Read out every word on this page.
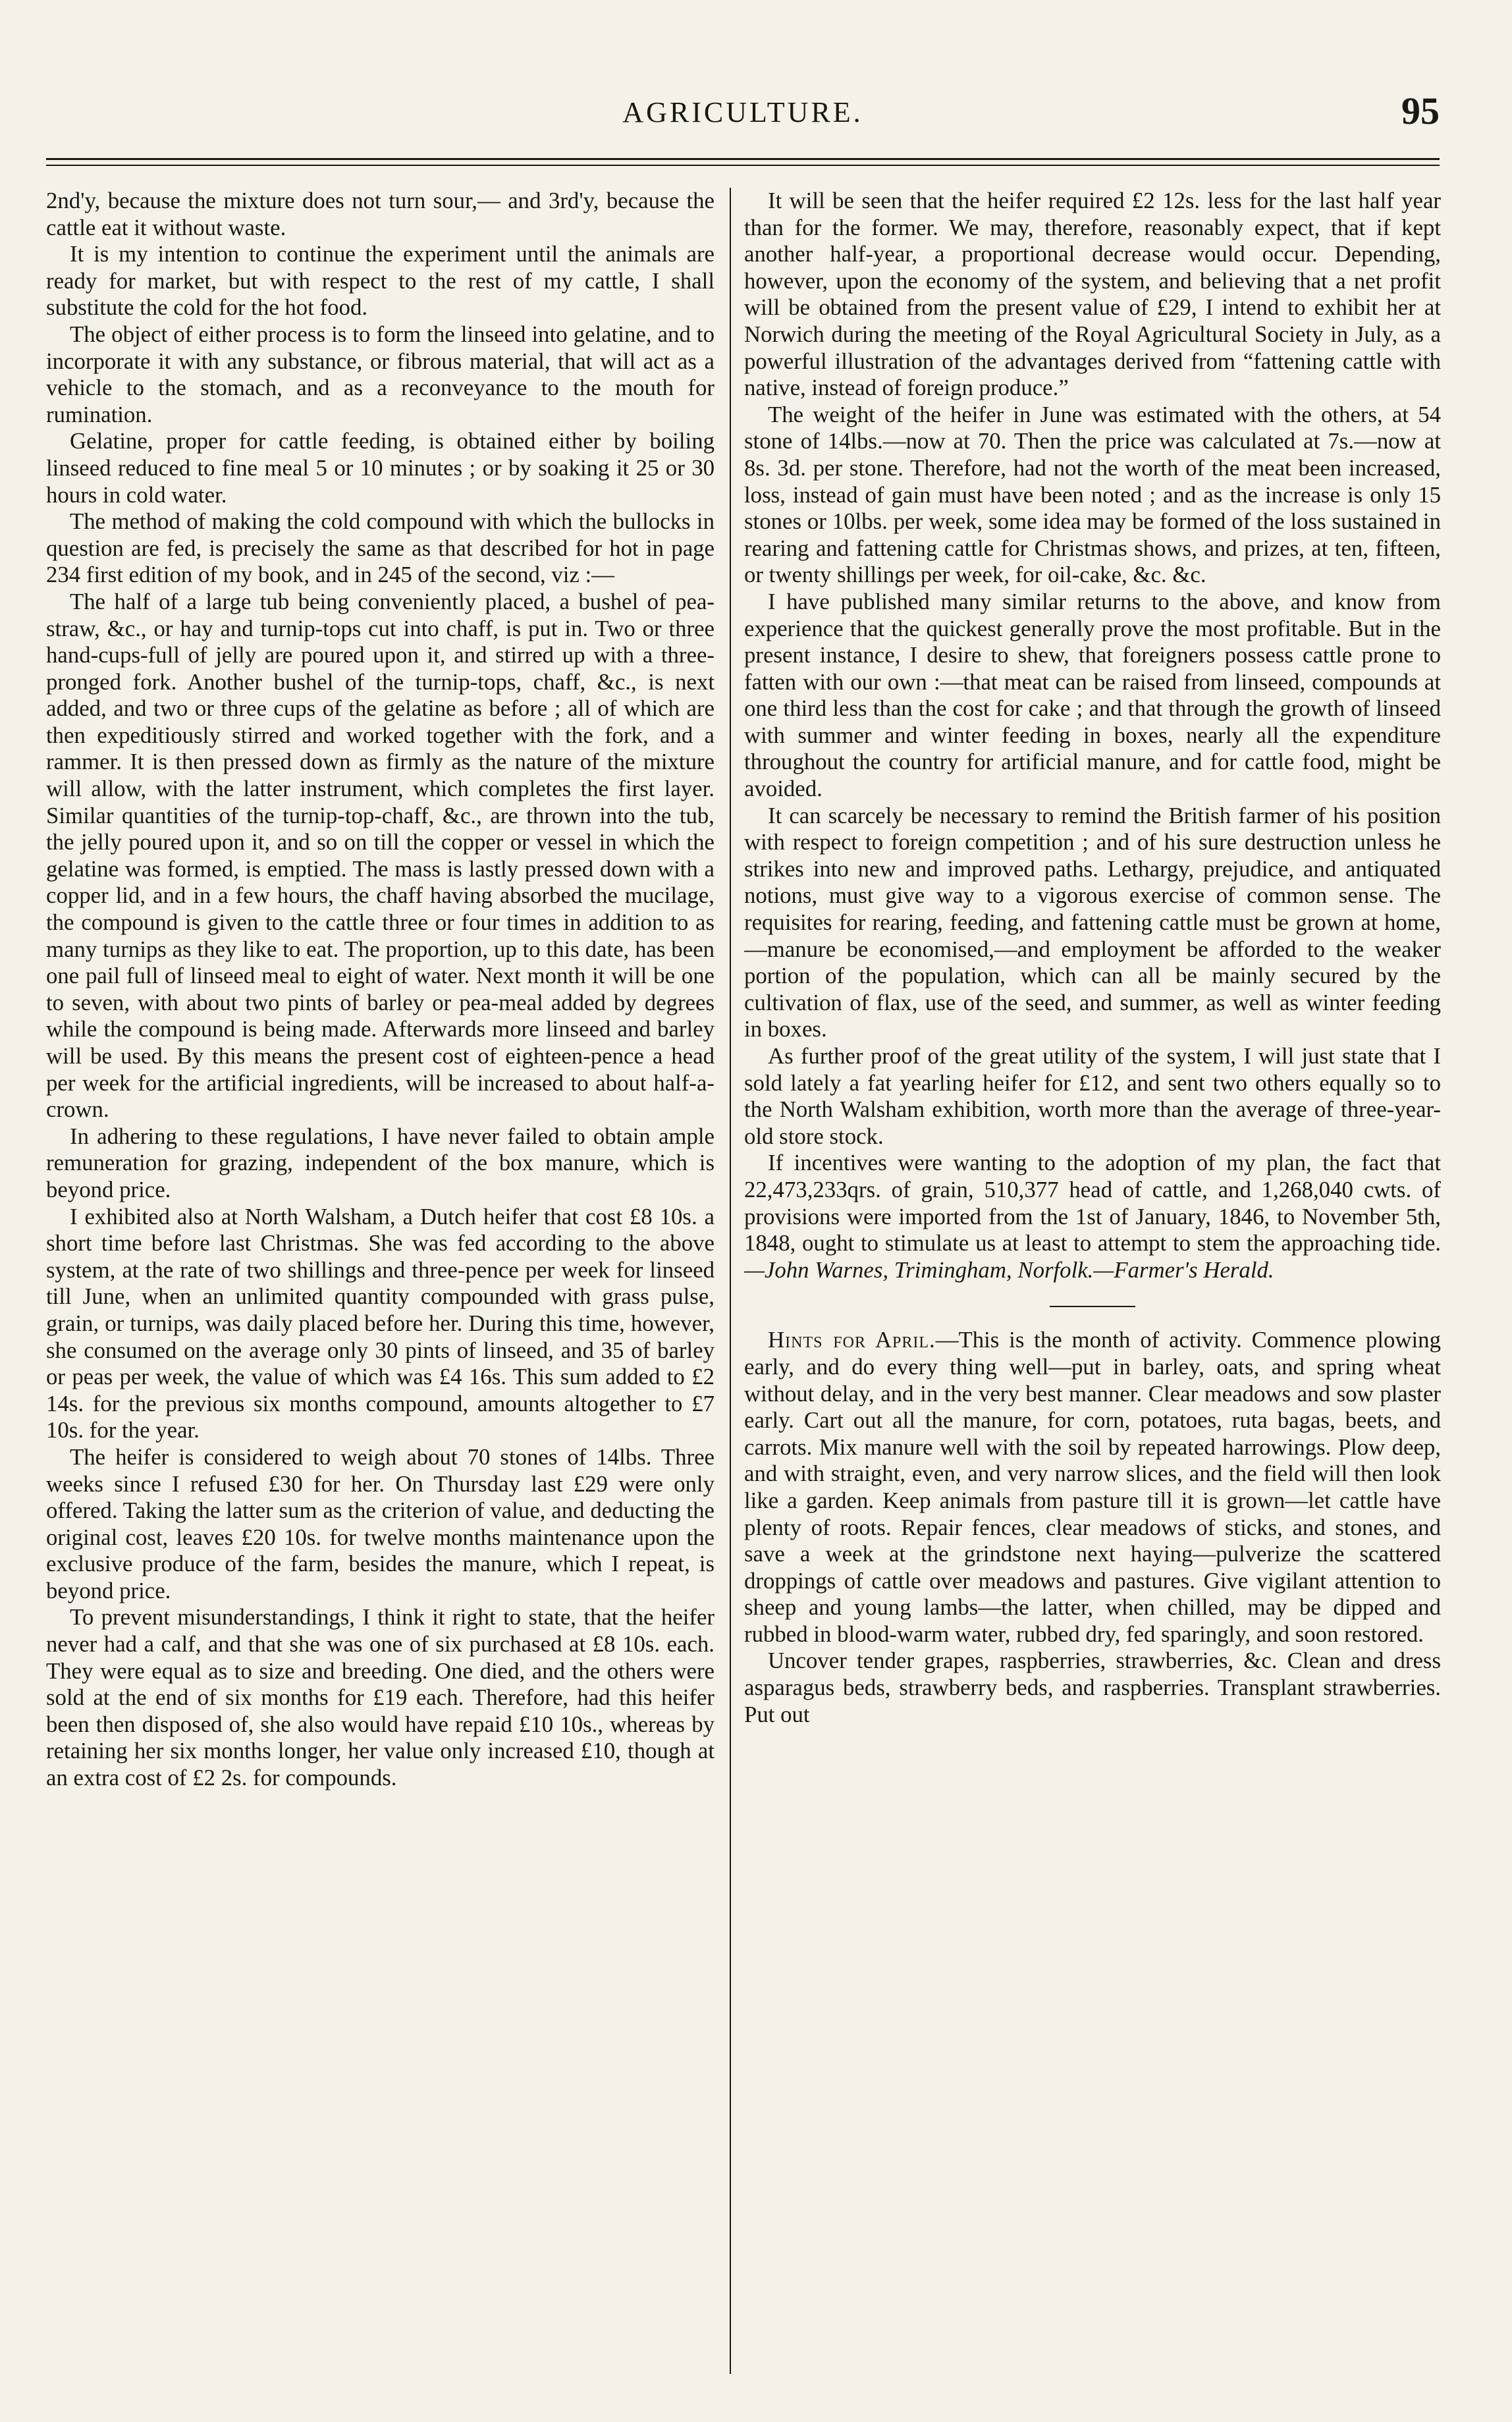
AGRICULTURE.	95

2nd'y, because the mixture does not turn sour,— and 3rd'y, because the cattle eat it without waste.

It is my intention to continue the experiment until the animals are ready for market, but with respect to the rest of my cattle, I shall substitute the cold for the hot food.

The object of either process is to form the linseed into gelatine, and to incorporate it with any substance, or fibrous material, that will act as a vehicle to the stomach, and as a reconveyance to the mouth for rumination.

Gelatine, proper for cattle feeding, is obtained either by boiling linseed reduced to fine meal 5 or 10 minutes ; or by soaking it 25 or 30 hours in cold water.

The method of making the cold compound with which the bullocks in question are fed, is precisely the same as that described for hot in page 234 first edition of my book, and in 245 of the second, viz :—

The half of a large tub being conveniently placed, a bushel of pea-straw, &c., or hay and turnip-tops cut into chaff, is put in. Two or three hand-cups-full of jelly are poured upon it, and stirred up with a three-pronged fork. Another bushel of the turnip-tops, chaff, &c., is next added, and two or three cups of the gelatine as before ; all of which are then expeditiously stirred and worked together with the fork, and a rammer. It is then pressed down as firmly as the nature of the mixture will allow, with the latter instrument, which completes the first layer. Similar quantities of the turnip-top-chaff, &c., are thrown into the tub, the jelly poured upon it, and so on till the copper or vessel in which the gelatine was formed, is emptied. The mass is lastly pressed down with a copper lid, and in a few hours, the chaff having absorbed the mucilage, the compound is given to the cattle three or four times in addition to as many turnips as they like to eat. The proportion, up to this date, has been one pail full of linseed meal to eight of water. Next month it will be one to seven, with about two pints of barley or pea-meal added by degrees while the compound is being made. Afterwards more linseed and barley will be used. By this means the present cost of eighteen-pence a head per week for the artificial ingredients, will be increased to about half-a-crown.

In adhering to these regulations, I have never failed to obtain ample remuneration for grazing, independent of the box manure, which is beyond price.

I exhibited also at North Walsham, a Dutch heifer that cost £8 10s. a short time before last Christmas. She was fed according to the above system, at the rate of two shillings and three-pence per week for linseed till June, when an unlimited quantity compounded with grass pulse, grain, or turnips, was daily placed before her. During this time, however, she consumed on the average only 30 pints of linseed, and 35 of barley or peas per week, the value of which was £4 16s. This sum added to £2 14s. for the previous six months compound, amounts altogether to £7 10s. for the year.

The heifer is considered to weigh about 70 stones of 14lbs. Three weeks since I refused £30 for her. On Thursday last £29 were only offered. Taking the latter sum as the criterion of value, and deducting the original cost, leaves £20 10s. for twelve months maintenance upon the exclusive produce of the farm, besides the manure, which I repeat, is beyond price.

To prevent misunderstandings, I think it right to state, that the heifer never had a calf, and that she was one of six purchased at £8 10s. each. They were equal as to size and breeding. One died, and the others were sold at the end of six months for £19 each. Therefore, had this heifer been then disposed of, she also would have repaid £10 10s., whereas by retaining her six months longer, her value only increased £10, though at an extra cost of £2 2s. for compounds.

It will be seen that the heifer required £2 12s. less for the last half year than for the former. We may, therefore, reasonably expect, that if kept another half-year, a proportional decrease would occur. Depending, however, upon the economy of the system, and believing that a net profit will be obtained from the present value of £29, I intend to exhibit her at Norwich during the meeting of the Royal Agricultural Society in July, as a powerful illustration of the advantages derived from “fattening cattle with native, instead of foreign produce.”

The weight of the heifer in June was estimated with the others, at 54 stone of 14lbs.—now at 70. Then the price was calculated at 7s.—now at 8s. 3d. per stone. Therefore, had not the worth of the meat been increased, loss, instead of gain must have been noted ; and as the increase is only 15 stones or 10lbs. per week, some idea may be formed of the loss sustained in rearing and fattening cattle for Christmas shows, and prizes, at ten, fifteen, or twenty shillings per week, for oil-cake, &c. &c.

I have published many similar returns to the above, and know from experience that the quickest generally prove the most profitable. But in the present instance, I desire to shew, that foreigners possess cattle prone to fatten with our own :—that meat can be raised from linseed, compounds at one third less than the cost for cake ; and that through the growth of linseed with summer and winter feeding in boxes, nearly all the expenditure throughout the country for artificial manure, and for cattle food, might be avoided.

It can scarcely be necessary to remind the British farmer of his position with respect to foreign competition ; and of his sure destruction unless he strikes into new and improved paths. Lethargy, prejudice, and antiquated notions, must give way to a vigorous exercise of common sense. The requisites for rearing, feeding, and fattening cattle must be grown at home,—manure be economised,—and employment be afforded to the weaker portion of the population, which can all be mainly secured by the cultivation of flax, use of the seed, and summer, as well as winter feeding in boxes.

As further proof of the great utility of the system, I will just state that I sold lately a fat yearling heifer for £12, and sent two others equally so to the North Walsham exhibition, worth more than the average of three-year-old store stock.

If incentives were wanting to the adoption of my plan, the fact that 22,473,233qrs. of grain, 510,377 head of cattle, and 1,268,040 cwts. of provisions were imported from the 1st of January, 1846, to November 5th, 1848, ought to stimulate us at least to attempt to stem the approaching tide.—John Warnes, Trimingham, Norfolk.—Farmer's Herald.

Hints for April.—This is the month of activity. Commence plowing early, and do every thing well—put in barley, oats, and spring wheat without delay, and in the very best manner. Clear meadows and sow plaster early. Cart out all the manure, for corn, potatoes, ruta bagas, beets, and carrots. Mix manure well with the soil by repeated harrowings. Plow deep, and with straight, even, and very narrow slices, and the field will then look like a garden. Keep animals from pasture till it is grown—let cattle have plenty of roots. Repair fences, clear meadows of sticks, and stones, and save a week at the grindstone next haying—pulverize the scattered droppings of cattle over meadows and pastures. Give vigilant attention to sheep and young lambs—the latter, when chilled, may be dipped and rubbed in blood-warm water, rubbed dry, fed sparingly, and soon restored.

Uncover tender grapes, raspberries, strawberries, &c. Clean and dress asparagus beds, strawberry beds, and raspberries. Transplant strawberries. Put out
